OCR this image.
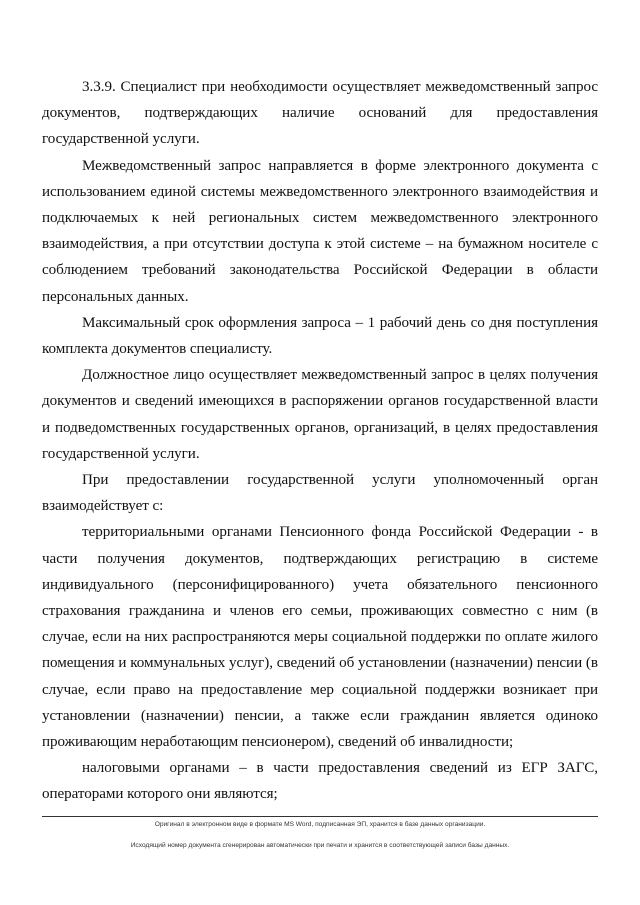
3.3.9. Специалист при необходимости осуществляет межведомственный запрос документов, подтверждающих наличие оснований для предоставления государственной услуги.

Межведомственный запрос направляется в форме электронного документа с использованием единой системы межведомственного электронного взаимодействия и подключаемых к ней региональных систем межведомственного электронного взаимодействия, а при отсутствии доступа к этой системе – на бумажном носителе с соблюдением требований законодательства Российской Федерации в области персональных данных.

Максимальный срок оформления запроса – 1 рабочий день со дня поступления комплекта документов специалисту.

Должностное лицо осуществляет межведомственный запрос в целях получения документов и сведений имеющихся в распоряжении органов государственной власти и подведомственных государственных органов, организаций, в целях предоставления государственной услуги.

При предоставлении государственной услуги уполномоченный орган взаимодействует с:

территориальными органами Пенсионного фонда Российской Федерации - в части получения документов, подтверждающих регистрацию в системе индивидуального (персонифицированного) учета обязательного пенсионного страхования гражданина и членов его семьи, проживающих совместно с ним (в случае, если на них распространяются меры социальной поддержки по оплате жилого помещения и коммунальных услуг), сведений об установлении (назначении) пенсии (в случае, если право на предоставление мер социальной поддержки возникает при установлении (назначении) пенсии, а также если гражданин является одиноко проживающим неработающим пенсионером), сведений об инвалидности;

налоговыми органами – в части предоставления сведений из ЕГР ЗАГС, операторами которого они являются;

Оригинал в электронном виде в формате MS Word, подписанная ЭП, хранится в базе данных организации.
Исходящий номер документа сгенерирован автоматически при печати и хранится в соответствующей записи базы данных.
